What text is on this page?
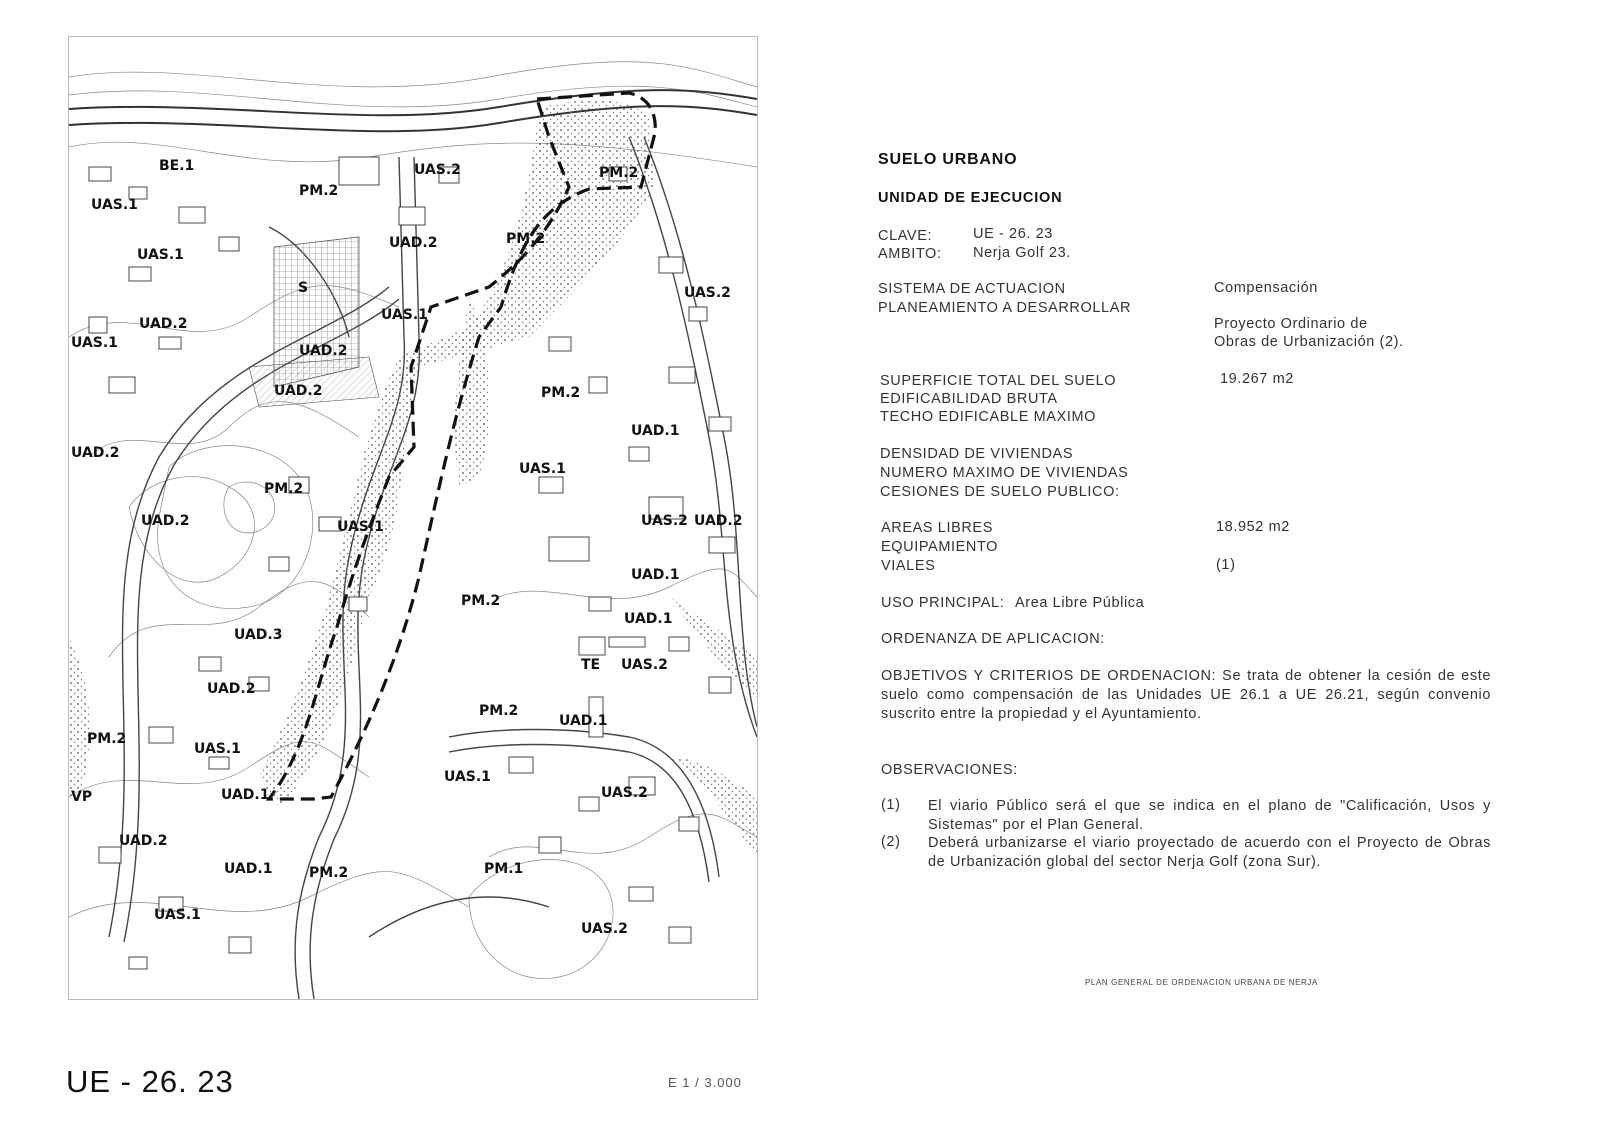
BE.1
UAS.1
UAS.2
PM.2
UAD.2
PM.2
PM.2
UAS.1
S
UAD.2
UAS.1
UAS.2
UAD.2
UAD.2
UAS.1
PM.2
UAD.1
PM.2
UAD.2
UAD.2
UAS.1
UAS.1
UAD.2
UAS.2
UAD.1
UAD.1
UAD.3
PM.2
TE UAS.2
UAD.2
PM.2
UAD.1
UAS.1
UAS.2
UAD.2
UAD.1	PM.2	PM.1
UAS.1
UAS.2
PM.2
VP
UAS.1
UAD.1
UE - 26. 23	E 1 / 3.000
SUELO URBANO
UNIDAD DE EJECUCION
CLAVE:	UE - 26. 23
AMBITO: Nerja Golf 23.
SISTEMA DE ACTUACION	Compensación
PLANEAMIENTO A DESARROLLAR
Proyecto Ordinario de
Obras de Urbanización (2).
SUPERFICIE TOTAL DEL SUELO	19.267 m2
EDIFICABILIDAD BRUTA
TECHO EDIFICABLE MAXIMO
DENSIDAD DE VIVIENDAS
NUMERO MAXIMO DE VIVIENDAS
CESIONES DE SUELO PUBLICO:
AREAS LIBRES	18.952 m2
EQUIPAMIENTO
VIALES	(1)
USO PRINCIPAL: Area Libre Pública
ORDENANZA DE APLICACION:
OBJETIVOS Y CRITERIOS DE ORDENACION: Se trata de obtener la cesión de este suelo como compensación de las Unidades UE 26.1 a UE 26.21, según convenio suscrito entre la propiedad y el Ayuntamiento.
OBSERVACIONES:
(1) El viario Público será el que se indica en el plano de "Calificación, Usos y Sistemas" por el Plan General.
(2) Deberá urbanizarse el viario proyectado de acuerdo con el Proyecto de Obras de Urbanización global del sector Nerja Golf (zona Sur).
PLAN GENERAL DE ORDENACION URBANA DE NERJA
